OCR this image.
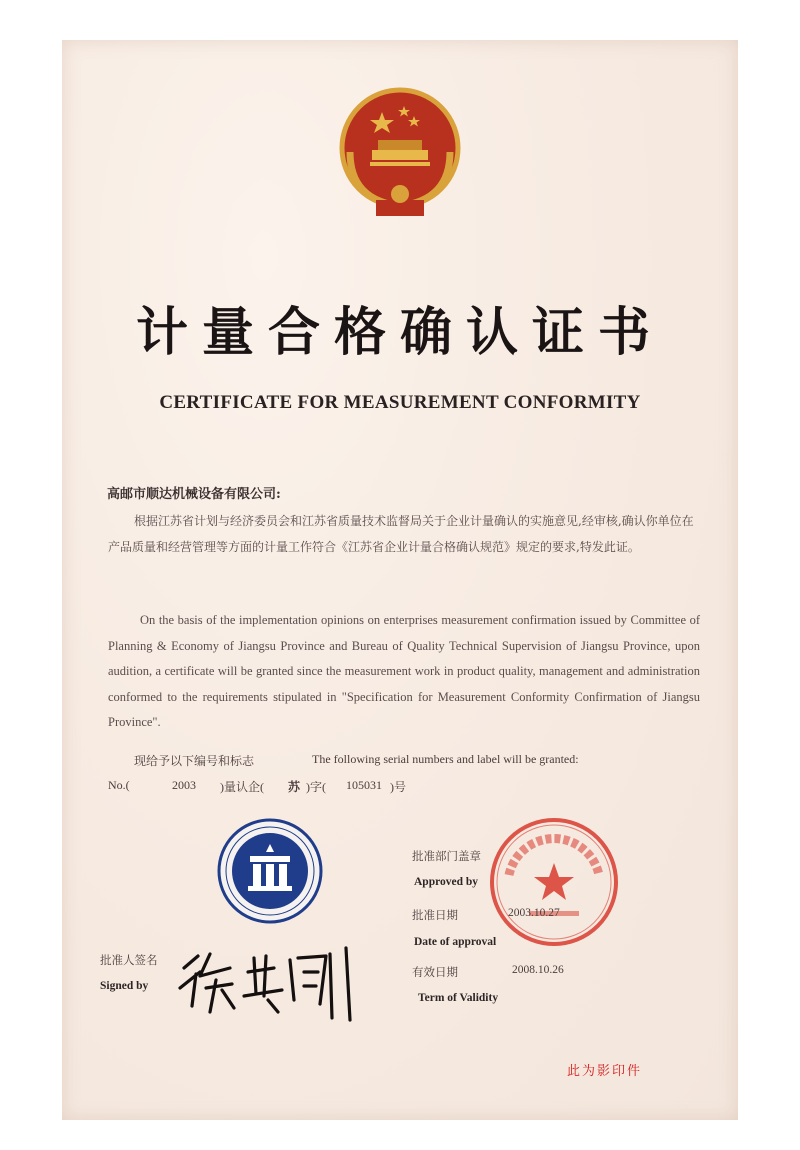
计量合格确认证书
CERTIFICATE FOR MEASUREMENT CONFORMITY
高邮市顺达机械设备有限公司:
根据江苏省计划与经济委员会和江苏省质量技术监督局关于企业计量确认的实施意见,经审核,确认你单位在产品质量和经营管理等方面的计量工作符合《江苏省企业计量合格确认规范》规定的要求,特发此证。
On the basis of the implementation opinions on enterprises measurement confirmation issued by Committee of Planning & Economy of Jiangsu Province and Bureau of Quality Technical Supervision of Jiangsu Province, upon audition, a certificate will be granted since the measurement work in product quality, management and administration conformed to the requirements stipulated in "Specification for Measurement Conformity Confirmation of Jiangsu Province".
现给予以下编号和标志	The following serial numbers and label will be granted:
No.(	2003 )量认企( 苏 )字( 105031 )号
批准部门盖章
Approved by
批准日期	2003.10.27
Date of approval
有效日期	2008.10.26
Term of Validity
批准人签名
Signed by
此为影印件
